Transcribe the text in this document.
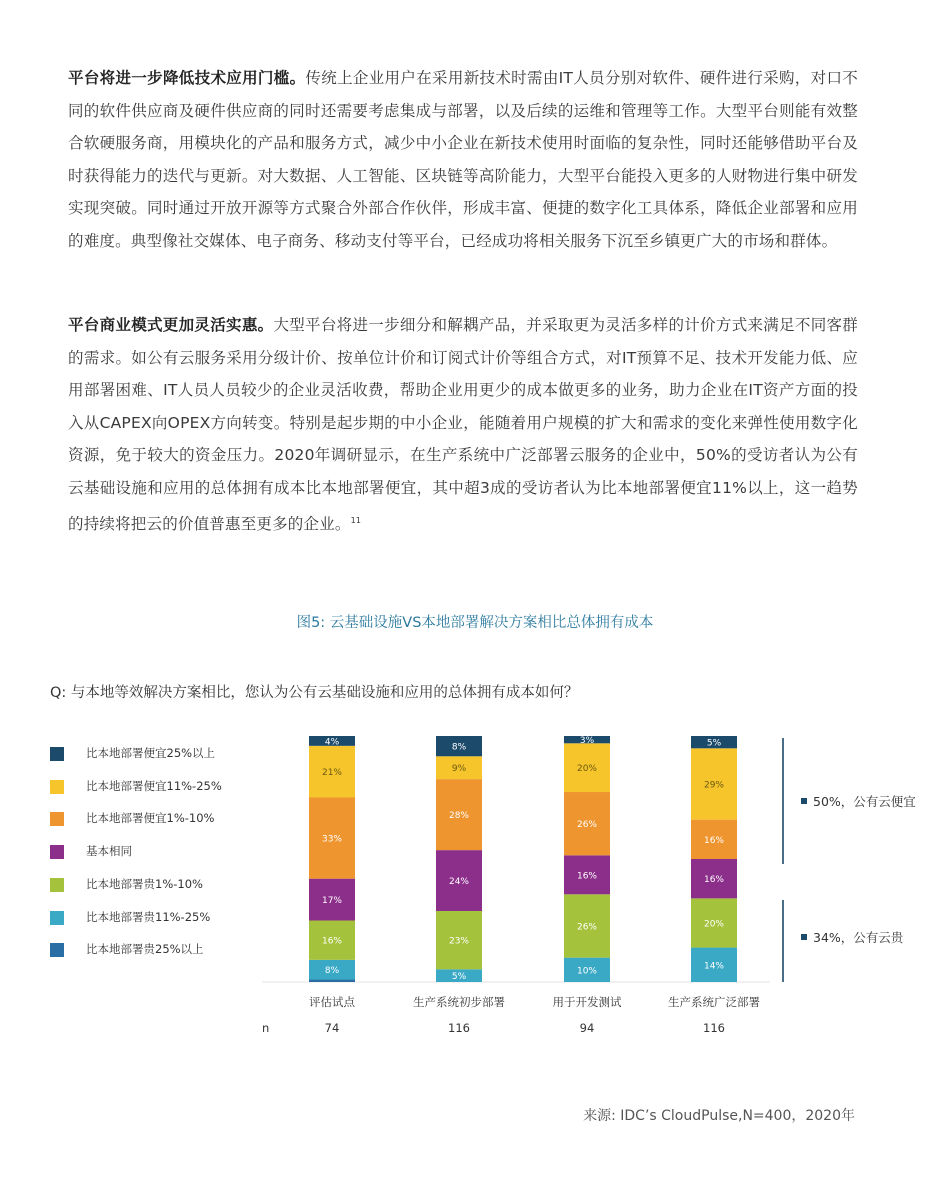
平台将进一步降低技术应用门槛。传统上企业用户在采用新技术时需由IT人员分别对软件、硬件进行采购，对口不同的软件供应商及硬件供应商的同时还需要考虑集成与部署，以及后续的运维和管理等工作。大型平台则能有效整合软硬服务商，用模块化的产品和服务方式，减少中小企业在新技术使用时面临的复杂性，同时还能够借助平台及时获得能力的迭代与更新。对大数据、人工智能、区块链等高阶能力，大型平台能投入更多的人财物进行集中研发实现突破。同时通过开放开源等方式聚合外部合作伙伴，形成丰富、便捷的数字化工具体系，降低企业部署和应用的难度。典型像社交媒体、电子商务、移动支付等平台，已经成功将相关服务下沉至乡镇更广大的市场和群体。

平台商业模式更加灵活实惠。大型平台将进一步细分和解耦产品，并采取更为灵活多样的计价方式来满足不同客群的需求。如公有云服务采用分级计价、按单位计价和订阅式计价等组合方式，对IT预算不足、技术开发能力低、应用部署困难、IT人员人员较少的企业灵活收费，帮助企业用更少的成本做更多的业务，助力企业在IT资产方面的投入从CAPEX向OPEX方向转变。特别是起步期的中小企业，能随着用户规模的扩大和需求的变化来弹性使用数字化资源，免于较大的资金压力。2020年调研显示，在生产系统中广泛部署云服务的企业中，50%的受访者认为公有云基础设施和应用的总体拥有成本比本地部署便宜，其中超3成的受访者认为比本地部署便宜11%以上，这一趋势的持续将把云的价值普惠至更多的企业。$^{11}$

图5: 云基础设施VS本地部署解决方案相比总体拥有成本
Q: 与本地等效解决方案相比，您认为公有云基础设施和应用的总体拥有成本如何？
比本地部署便宜25%以上
比本地部署便宜11%-25%
比本地部署便宜1%-10%
基本相同
比本地部署贵1%-10%
比本地部署贵11%-25%
比本地部署贵25%以上
8%
16%
17%
33%
21%
4%
评估试点
74
5%
23%
24%
28%
9%
8%
生产系统初步部署
116
10%
26%
16%
26%
20%
3%
用于开发测试
94
14%
20%
16%
16%
29%
5%
生产系统广泛部署
116
n
50%，公有云便宜
34%，公有云贵
来源: IDC’s CloudPulse,N=400，2020年
